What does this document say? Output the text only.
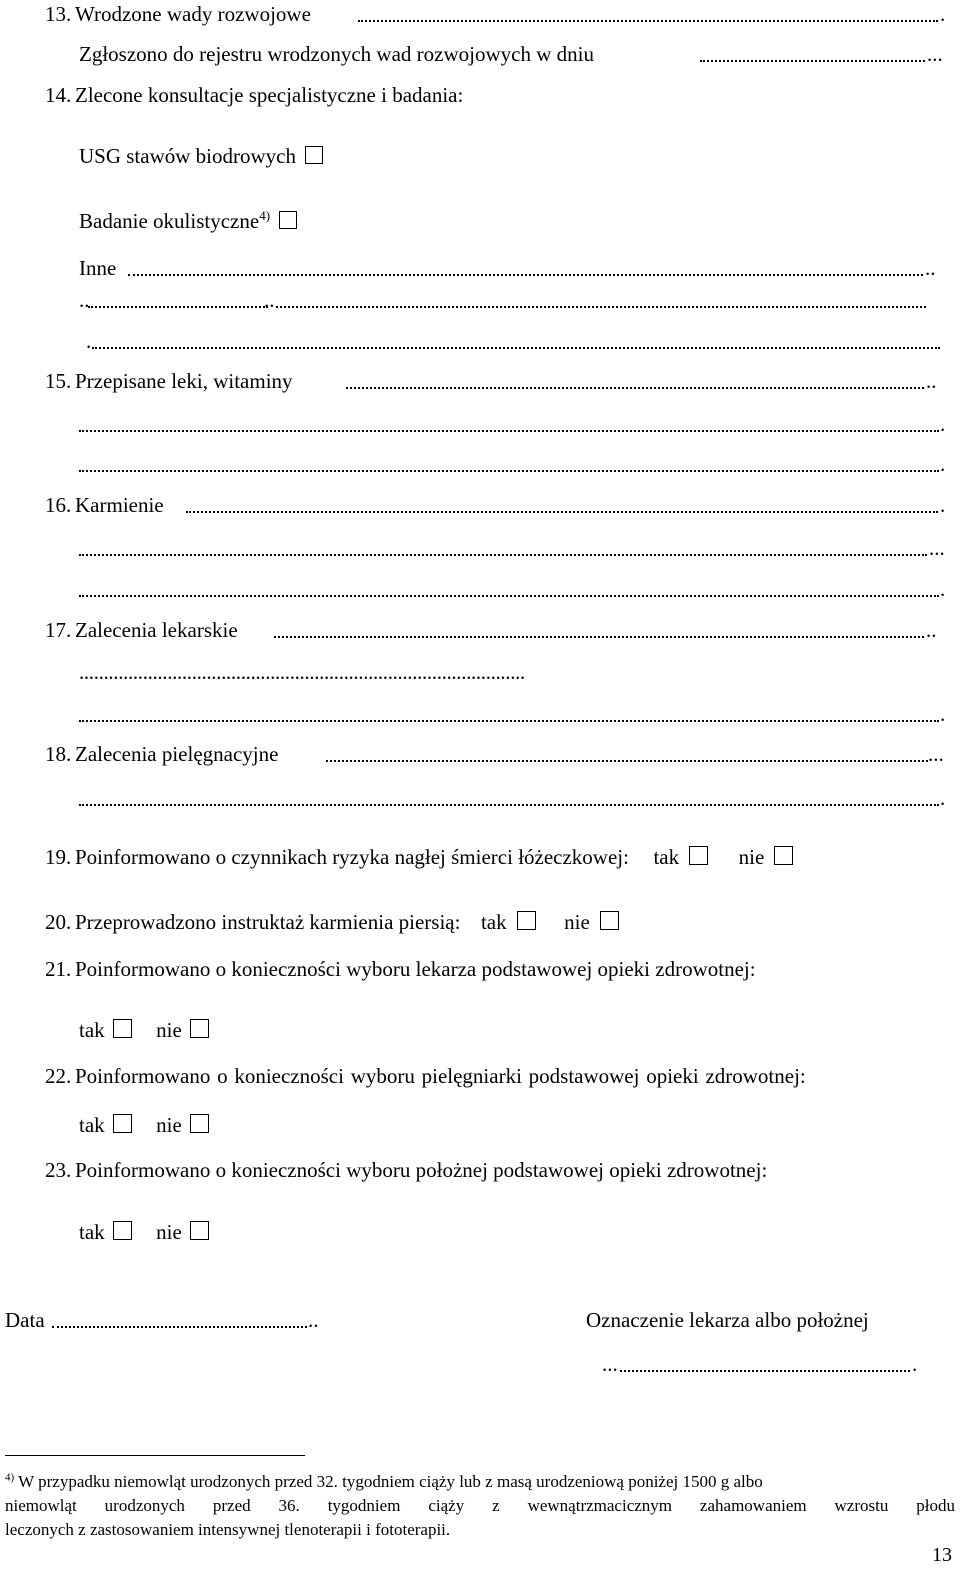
13. Wrodzone wady rozwojowe	.
Zgłoszono do rejestru wrodzonych wad rozwojowych w dniu	...
14. Zlecone konsultacje specjalistyczne i badania:
USG stawów biodrowych
Badanie okulistyczne$^{4)}$
Inne	..
..	..
.
15. Przepisane leki, witaminy	..
.
.
16. Karmienie	.
...
.
17. Zalecenia lekarskie	..
...........................................................................................
.
18. Zalecenia pielęgnacyjne	...
.
19. Poinformowano o czynnikach ryzyka nagłej śmierci łóżeczkowej: tak	nie
20. Przeprowadzono instruktaż karmienia piersią: tak	nie
21. Poinformowano o konieczności wyboru lekarza podstawowej opieki zdrowotnej:
tak nie
22. Poinformowano o konieczności wyboru pielęgniarki podstawowej opieki zdrowotnej:
tak nie
23. Poinformowano o konieczności wyboru położnej podstawowej opieki zdrowotnej:
tak nie
Data	..	Oznaczenie lekarza albo położnej
...	.
$^{4)}$ W przypadku niemowląt urodzonych przed 32. tygodniem ciąży lub z masą urodzeniową poniżej 1500 g albo
niemowląt urodzonych przed 36. tygodniem ciąży z wewnątrzmacicznym zahamowaniem wzrostu płodu
leczonych z zastosowaniem intensywnej tlenoterapii i fototerapii.
13
